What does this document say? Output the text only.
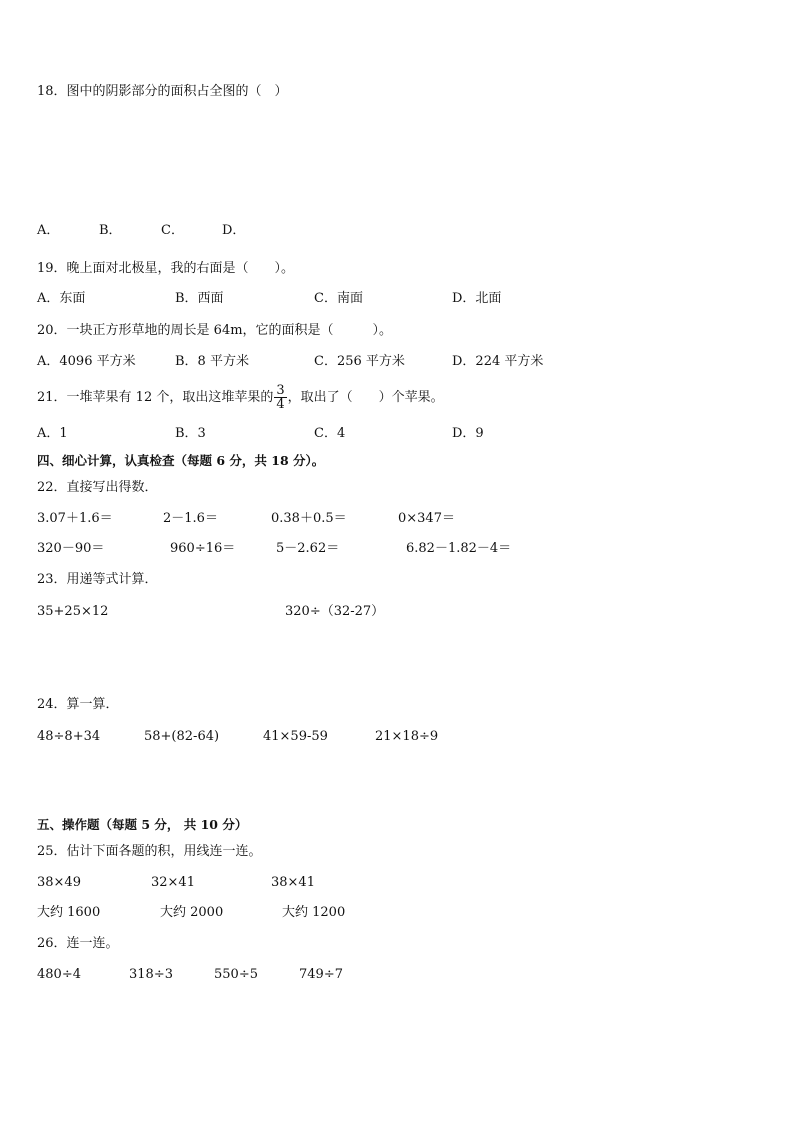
18．图中的阴影部分的面积占全图的（　）
A．	B．	C．	D．
19．晚上面对北极星，我的右面是（　　）。
A．东面	B．西面	C．南面	D．北面
20．一块正方形草地的周长是 64m，它的面积是（　　　）。
A．4096 平方米	B．8 平方米	C．256 平方米	D．224 平方米
21．一堆苹果有 12 个，取出这堆苹果的 $\frac{3}{4}$ ，取出了（　　）个苹果。
A．1	B．3	C．4	D．9
四、细心计算，认真检查（每题 6 分，共 18 分）。
22．直接写出得数．
3.07＋1.6＝	2－1.6＝	0.38＋0.5＝	0×347＝
320－90＝	960÷16＝	5－2.62＝	6.82－1.82－4＝
23．用递等式计算．
35+25×12	320÷（32-27）
24．算一算．
48÷8+34	58+(82-64)	41×59-59	21×18÷9
五、操作题（每题 5 分， 共 10 分）
25．估计下面各题的积，用线连一连。
38×49	32×41	38×41
大约 1600	大约 2000	大约 1200
26．连一连。
480÷4	318÷3	550÷5	749÷7
